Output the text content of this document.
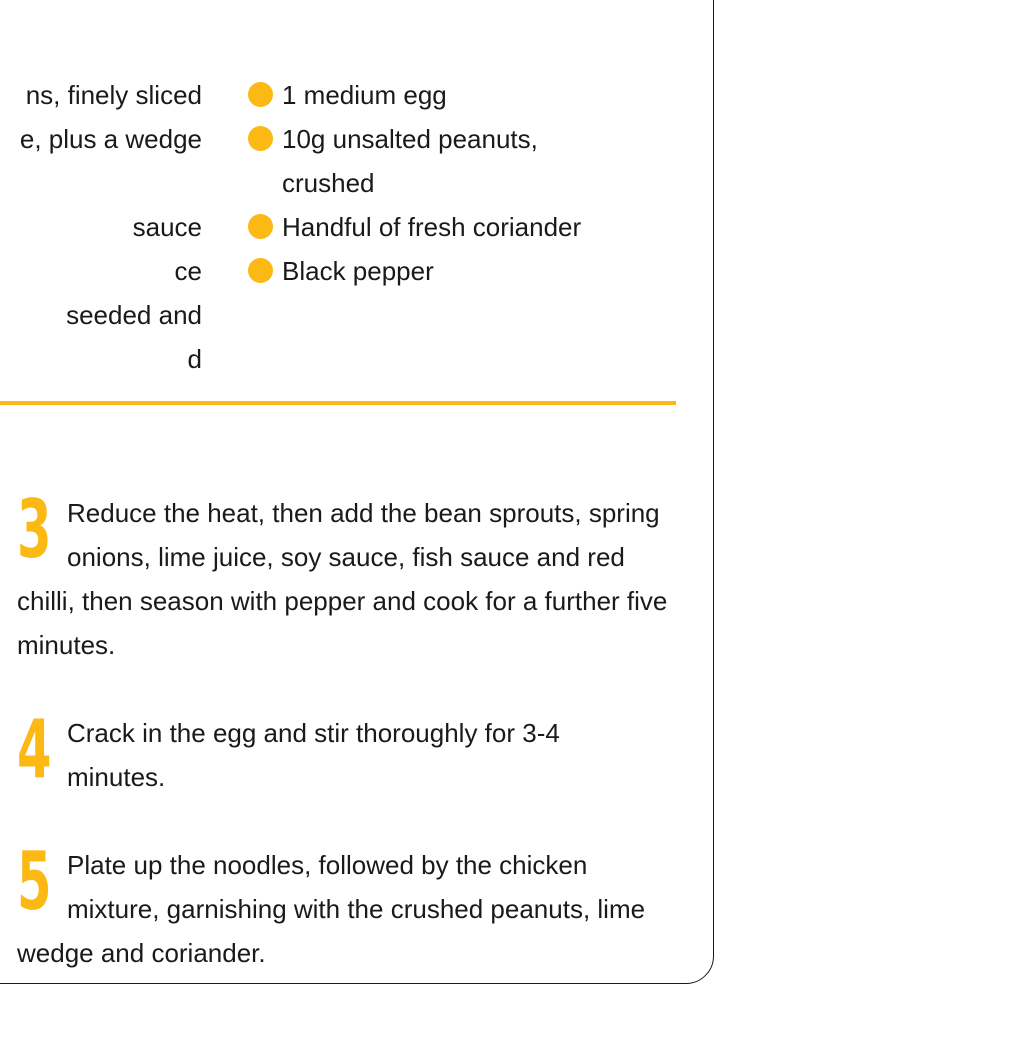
ns, finely sliced
e, plus a wedge
sauce
ce
seeded and
d
1 medium egg
10g unsalted peanuts, crushed
Handful of fresh coriander
Black pepper
3 Reduce the heat, then add the bean sprouts, spring onions, lime juice, soy sauce, fish sauce and red chilli, then season with pepper and cook for a further five minutes.
4 Crack in the egg and stir thoroughly for 3-4 minutes.
5 Plate up the noodles, followed by the chicken mixture, garnishing with the crushed peanuts, lime wedge and coriander.
